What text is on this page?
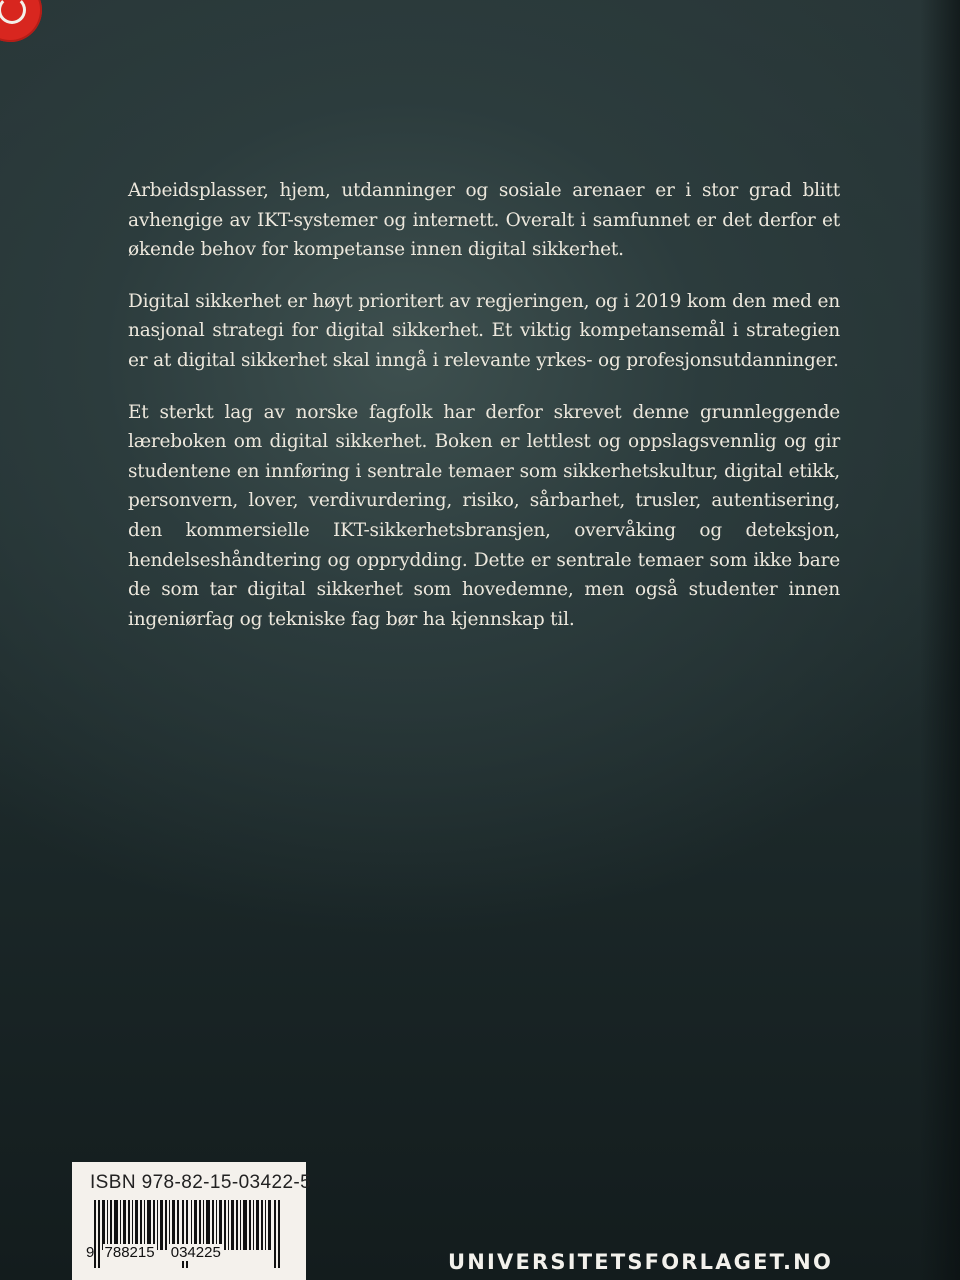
Arbeidsplasser, hjem, utdanninger og sosiale arenaer er i stor grad blitt avhengige av IKT-systemer og internett. Overalt i samfunnet er det derfor et økende behov for kompetanse innen digital sikkerhet.

Digital sikkerhet er høyt prioritert av regjeringen, og i 2019 kom den med en nasjonal strategi for digital sikkerhet. Et viktig kompetansemål i strategien er at digital sikkerhet skal inngå i relevante yrkes- og profesjonsutdanninger.

Et sterkt lag av norske fagfolk har derfor skrevet denne grunnleggende læreboken om digital sikkerhet. Boken er lettlest og oppslagsvennlig og gir studentene en innføring i sentrale temaer som sikkerhetskultur, digital etikk, personvern, lover, verdivurdering, risiko, sårbarhet, trusler, autentisering, den kommersielle IKT-sikkerhetsbransjen, overvåking og deteksjon, hendelseshåndtering og opprydding. Dette er sentrale temaer som ikke bare de som tar digital sikkerhet som hovedemne, men også studenter innen ingeniørfag og tekniske fag bør ha kjennskap til.

ISBN 978-82-15-03422-5
9 788215 034225	UNIVERSITETSFORLAGET.NO
